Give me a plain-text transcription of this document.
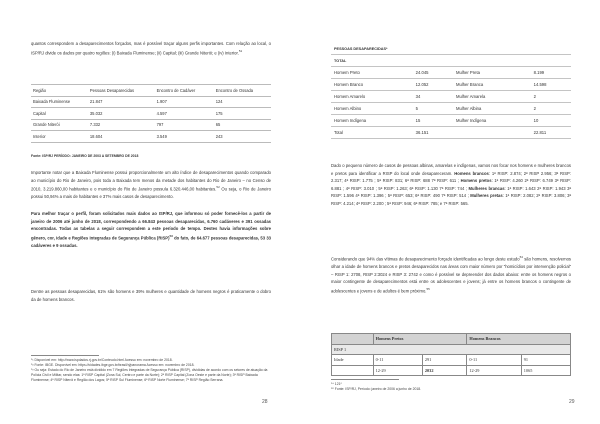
quantos correspondem a desaparecimentos forçados, mas é possível traçar alguns perfis importantes. Com relação ao local, o ISP/RJ divide os dados por quatro regiões: (i) Baixada Fluminense; (ii) Capital; (iii) Grande Niterói; e (iv) Interior.$^{51}$

Região	Pessoas Desaparecidas	Encontro de Cadáver	Encontro de Ossada
Baixada Fluminense	21.847	1.907	124
Capital	35.032	4.597	175
Grande Niterói	7.332	797	65
Interior	18.604	3.549	243
Fonte: ISP/RJ PERÍODO: JANEIRO DE 2003 A SETEMBRO DE 2018

Importante notar que a Baixada Fluminense possui proporcionalmente um alto índice de desaparecimentos quando comparado ao município do Rio de Janeiro, pois toda a Baixada tem menos da metade dos habitantes do Rio de Janeiro – no Censo de 2010, 3.219.860,00 habitantes e o município do Rio de Janeiro possuía 6.320.446,00 habitantes.$^{52}$ Ou seja, o Rio de Janeiro possui 50,94% a mais de habitantes e 37% mais casos de desaparecimento.

Para melhor traçar o perfil, foram solicitados mais dados ao ISP/RJ, que informou só poder fornecê-los a partir de janeiro de 2006 até junho de 2018, correspondendo a 66.843 pessoas desaparecidas, 6.760 cadáveres e 391 ossadas encontradas. Todas as tabelas a seguir correspondem a este período de tempo. Destes havia informações sobre gênero, cor, idade e Regiões Integradas de Segurança Pública (RISP)$^{53}$ do fato, de 64.677 pessoas desaparecidas, 53 33 cadáveres e 9 ossadas.

Dentre as pessoas desaparecidas, 61% são homens e 39% mulheres e quantidade de homens negros é praticamente o dobro da de homens brancos.

⁵¹ Disponível em: http://www.ispdados.rj.gov.br/Conteudo.html Acesso em: novembro de 2018.

⁵² Fonte: IBGE. Disponível em: https://cidades.ibge.gov.br/brasil/rj/panorama Acesso em: novembro de 2018.

⁵³ Ou seja: Estado do Rio de Janeiro está dividido em 7 Regiões Integradas de Segurança Pública (RISP), divididas de acordo com os setores de atuação da Polícia Civil e Militar, sendo elas: 1ª RISP Capital (Zona Sul, Centro e parte da Norte); 2ª RISP Capital (Zona Oeste e parte da Norte); 3ª RISP Baixada Fluminense; 4ª RISP Niterói e Região dos Lagos; 5ª RISP Sul Fluminense; 6ª RISP Norte Fluminense; 7ª RISP Região Serrana.

28
PESSOAS DESAPARECIDAS*			
TOTAL			
Homem Preto	24.045	Mulher Preta	8.199
Homem Branco	12.052	Mulher Branca	14.598
Homem Amarelo	34	Mulher Amarela	2
Homem Albino	5	Mulher Albina	2
Homem Indígena	15	Mulher Indígena	10
Total	36.151		22.811

Dado o pequeno número de casos de pessoas albinas, amarelas e indígenas, vamos nos focar nos homens e mulheres brancos e pretos para identificar a RISP do local onde desapareceram. Homens brancos: 1ª RISP: 2.874; 2ª RISP 2.956; 3ª RISP: 2.317; 4ª RISP: 1.775 ; 5ª RISP: 831; 6ª RISP: 688 7ª RISP: 611 ; Homens pretos: 1ª RISP: 4.260 2ª RISP: 6.749 3ª RISP: 6.881 ; 4ª RISP: 3.010 ; 5ª RISP: 1.263; 6ª RISP: 1.130 7ª RISP: 744 ; Mulheres brancas: 1ª RISP: 1.643 2ª RISP: 1.943 3ª RISP: 1.596 4ª RISP: 1.396 ; 5ª RISP: 653; 6ª RISP: 490 7ª RISP: 514 ; Mulheres pretas: 1ª RISP: 2.082; 2ª RISP: 3.806; 3ª RISP: 4.214; 4ª RISP: 2.200 ; 5ª RISP: 946; 6ª RISP: 785; e 7ª RISP: 565.

Considerando que 94% das vítimas de desaparecimento forçado identificadas ao longo deste estudo$^{54}$ são homens, resolvemos olhar a idade de homens brancos e pretos desaparecidos nas áreas com maior número por “homicídios por intervenção policial” – RISP 1: 2708, RISP 2:3024 e RISP 3: 2742 e como é possível se depreender dos dados abaixo: entre os homens negros o maior contingente de desaparecimentos está entre os adolescentes e jovens; já entre os homens brancos o contingente de adolescentes e jovens e de adultos é bem próximo.$^{55}$

	Homens Pretos		Homens Brancos	
RISP 1				
Idade	0-11	291	0-11	91
	12-29	2032	12-29	1065

⁵⁴ 121º

⁵⁵ Fonte: ISP/RJ, Período: janeiro de 2006 a junho de 2018.

29
